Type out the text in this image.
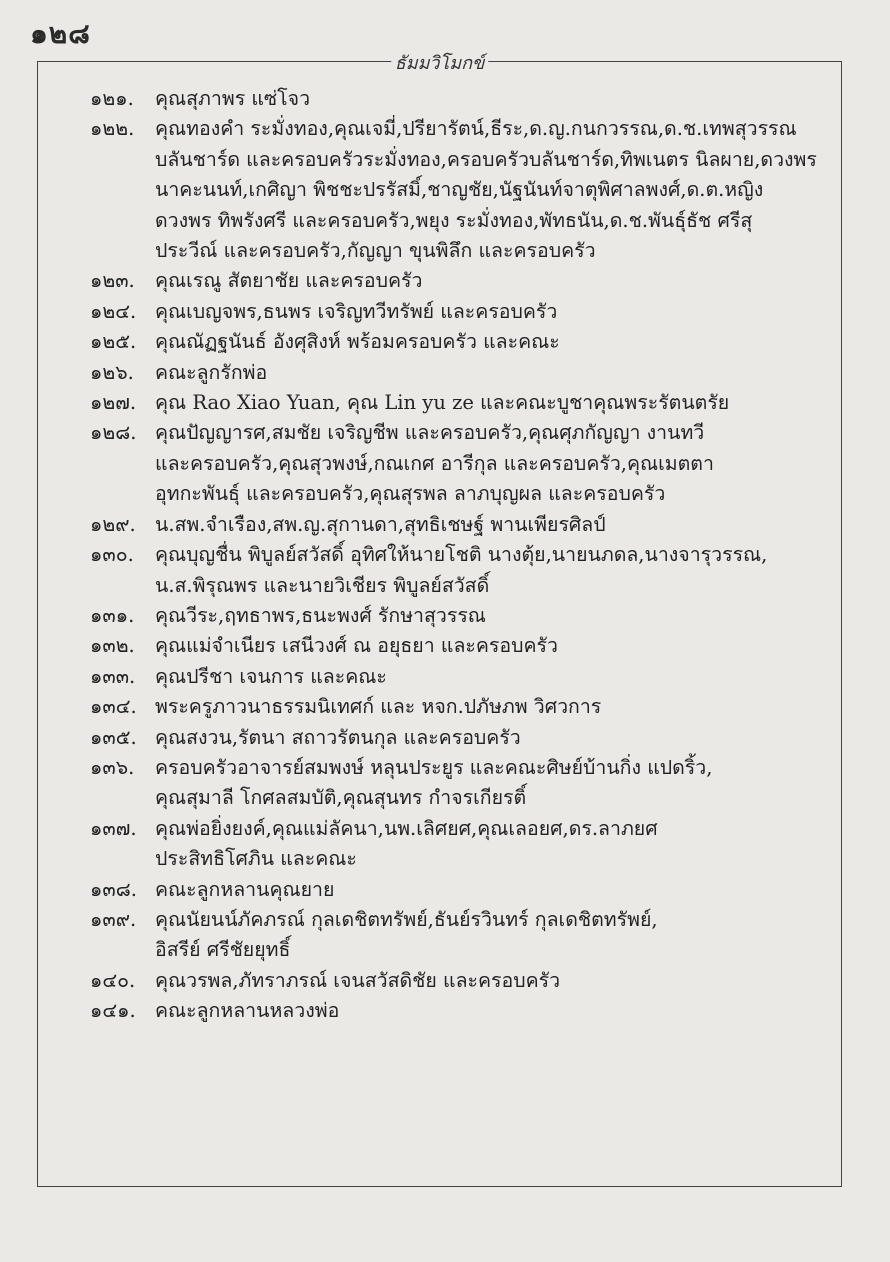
๑๒๘
ธัมมวิโมกข์
๑๒๑.	คุณสุภาพร แซ่โจว
๑๒๒.	คุณทองคำ ระมั่งทอง,คุณเจมี่,ปรียารัตน์,ธีระ,ด.ญ.กนกวรรณ,ด.ช.เทพสุวรรณ
บลันชาร์ด และครอบครัวระมั่งทอง,ครอบครัวบลันชาร์ด,ทิพเนตร นิลผาย,ดวงพร
นาคะนนท์,เกศิญา พิชชะปรรัสมิ์,ชาญชัย,นัฐนันท์จาตุพิศาลพงศ์,ด.ต.หญิง
ดวงพร ทิพรังศรี และครอบครัว,พยุง ระมั่งทอง,พัทธนัน,ด.ช.พันธุ์ธัช ศรีสุ
ประวีณ์ และครอบครัว,กัญญา ขุนพิลึก และครอบครัว
๑๒๓.	คุณเรณู สัตยาชัย และครอบครัว
๑๒๔. คุณเบญจพร,ธนพร เจริญทวีทรัพย์ และครอบครัว
๑๒๕. คุณณัฏฐนันธ์ อังศุสิงห์ พร้อมครอบครัว และคณะ
๑๒๖.	คณะลูกรักพ่อ
๑๒๗. คุณ Rao Xiao Yuan, คุณ Lin yu ze และคณะบูชาคุณพระรัตนตรัย
๑๒๘. คุณปัญญารศ,สมชัย เจริญชีพ และครอบครัว,คุณศุภกัญญา งานทวี
และครอบครัว,คุณสุวพงษ์,กณเกศ อารีกุล และครอบครัว,คุณเมตตา
อุทกะพันธุ์ และครอบครัว,คุณสุรพล ลาภบุญผล และครอบครัว
๑๒๙. น.สพ.จำเรือง,สพ.ญ.สุกานดา,สุทธิเชษฐ์ พานเพียรศิลป์
๑๓๐.	คุณบุญชื่น พิบูลย์สวัสดิ์ อุทิศให้นายโชติ นางตุ้ย,นายนภดล,นางจารุวรรณ,
น.ส.พิรุณพร และนายวิเชียร พิบูลย์สวัสดิ์
๑๓๑.	คุณวีระ,ฤทธาพร,ธนะพงศ์ รักษาสุวรรณ
๑๓๒.	คุณแม่จำเนียร เสนีวงศ์ ณ อยุธยา และครอบครัว
๑๓๓.	คุณปรีชา เจนการ และคณะ
๑๓๔. พระครูภาวนาธรรมนิเทศก์ และ หจก.ปภัษภพ วิศวการ
๑๓๕. คุณสงวน,รัตนา สถาวรัตนกุล และครอบครัว
๑๓๖.	ครอบครัวอาจารย์สมพงษ์ หลุนประยูร และคณะศิษย์บ้านกิ่ง แปดริ้ว,
คุณสุมาลี โกศลสมบัติ,คุณสุนทร กำจรเกียรติ์
๑๓๗. คุณพ่อยิ่งยงค์,คุณแม่ลัคนา,นพ.เลิศยศ,คุณเลอยศ,ดร.ลาภยศ
ประสิทธิโศภิน และคณะ
๑๓๘. คณะลูกหลานคุณยาย
๑๓๙. คุณนัยนน์ภัคภรณ์ กุลเดชิตทรัพย์,ธันย์รวินทร์ กุลเดชิตทรัพย์,
อิสรีย์ ศรีชัยยุทธิ์
๑๔๐.	คุณวรพล,ภัทราภรณ์ เจนสวัสดิชัย และครอบครัว
๑๔๑. คณะลูกหลานหลวงพ่อ
